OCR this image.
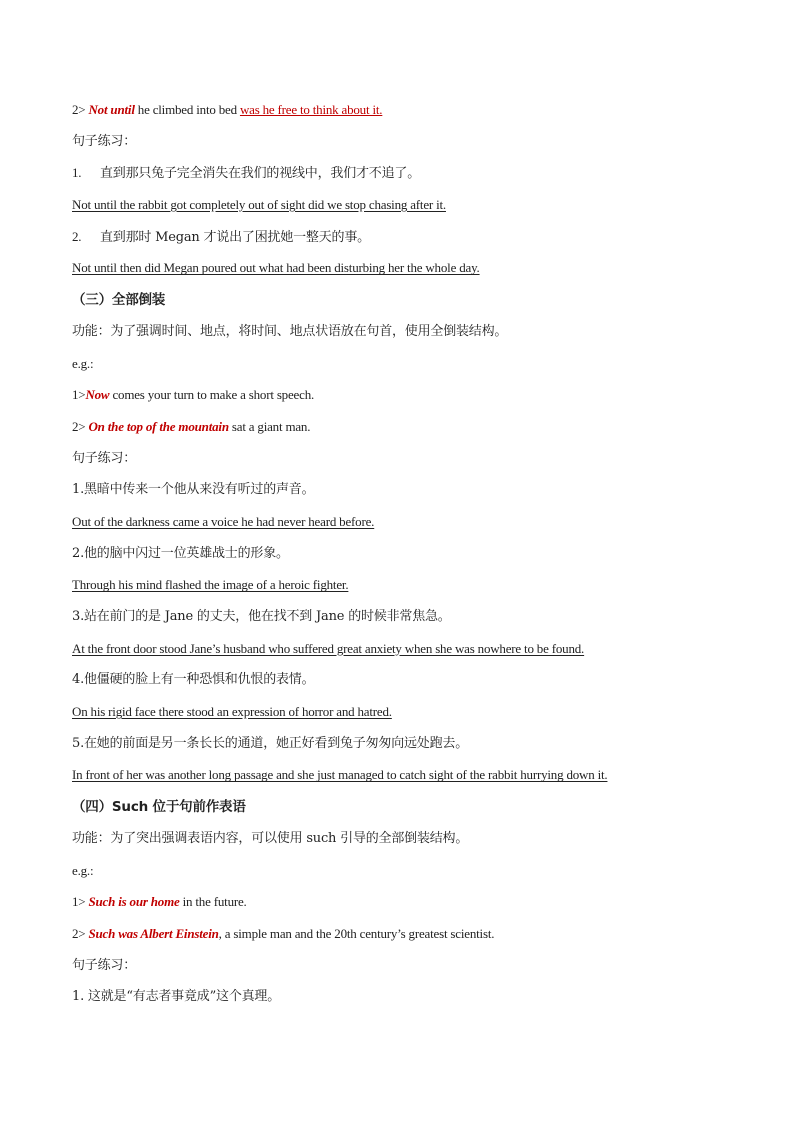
2> Not until he climbed into bed was he free to think about it.
句子练习：
1. 直到那只兔子完全消失在我们的视线中，我们才不追了。
Not until the rabbit got completely out of sight did we stop chasing after it.
2. 直到那时 Megan 才说出了困扰她一整天的事。
Not until then did Megan poured out what had been disturbing her the whole day.
（三）全部倒装
功能：为了强调时间、地点，将时间、地点状语放在句首，使用全倒装结构。
e.g.:
1>Now comes your turn to make a short speech.
2> On the top of the mountain sat a giant man.
句子练习：
1.黑暗中传来一个他从来没有听过的声音。
Out of the darkness came a voice he had never heard before.
2.他的脑中闪过一位英雄战士的形象。
Through his mind flashed the image of a heroic fighter.
3.站在前门的是 Jane 的丈夫，他在找不到 Jane 的时候非常焦急。
At the front door stood Jane’s husband who suffered great anxiety when she was nowhere to be found.
4.他僵硬的脸上有一种恐惧和仇恨的表情。
On his rigid face there stood an expression of horror and hatred.
5.在她的前面是另一条长长的通道，她正好看到兔子匆匆向远处跑去。
In front of her was another long passage and she just managed to catch sight of the rabbit hurrying down it.
（四）Such 位于句前作表语
功能：为了突出强调表语内容，可以使用 such 引导的全部倒装结构。
e.g.:
1> Such is our home in the future.
2> Such was Albert Einstein, a simple man and the 20th century’s greatest scientist.
句子练习：
1. 这就是“有志者事竟成”这个真理。
